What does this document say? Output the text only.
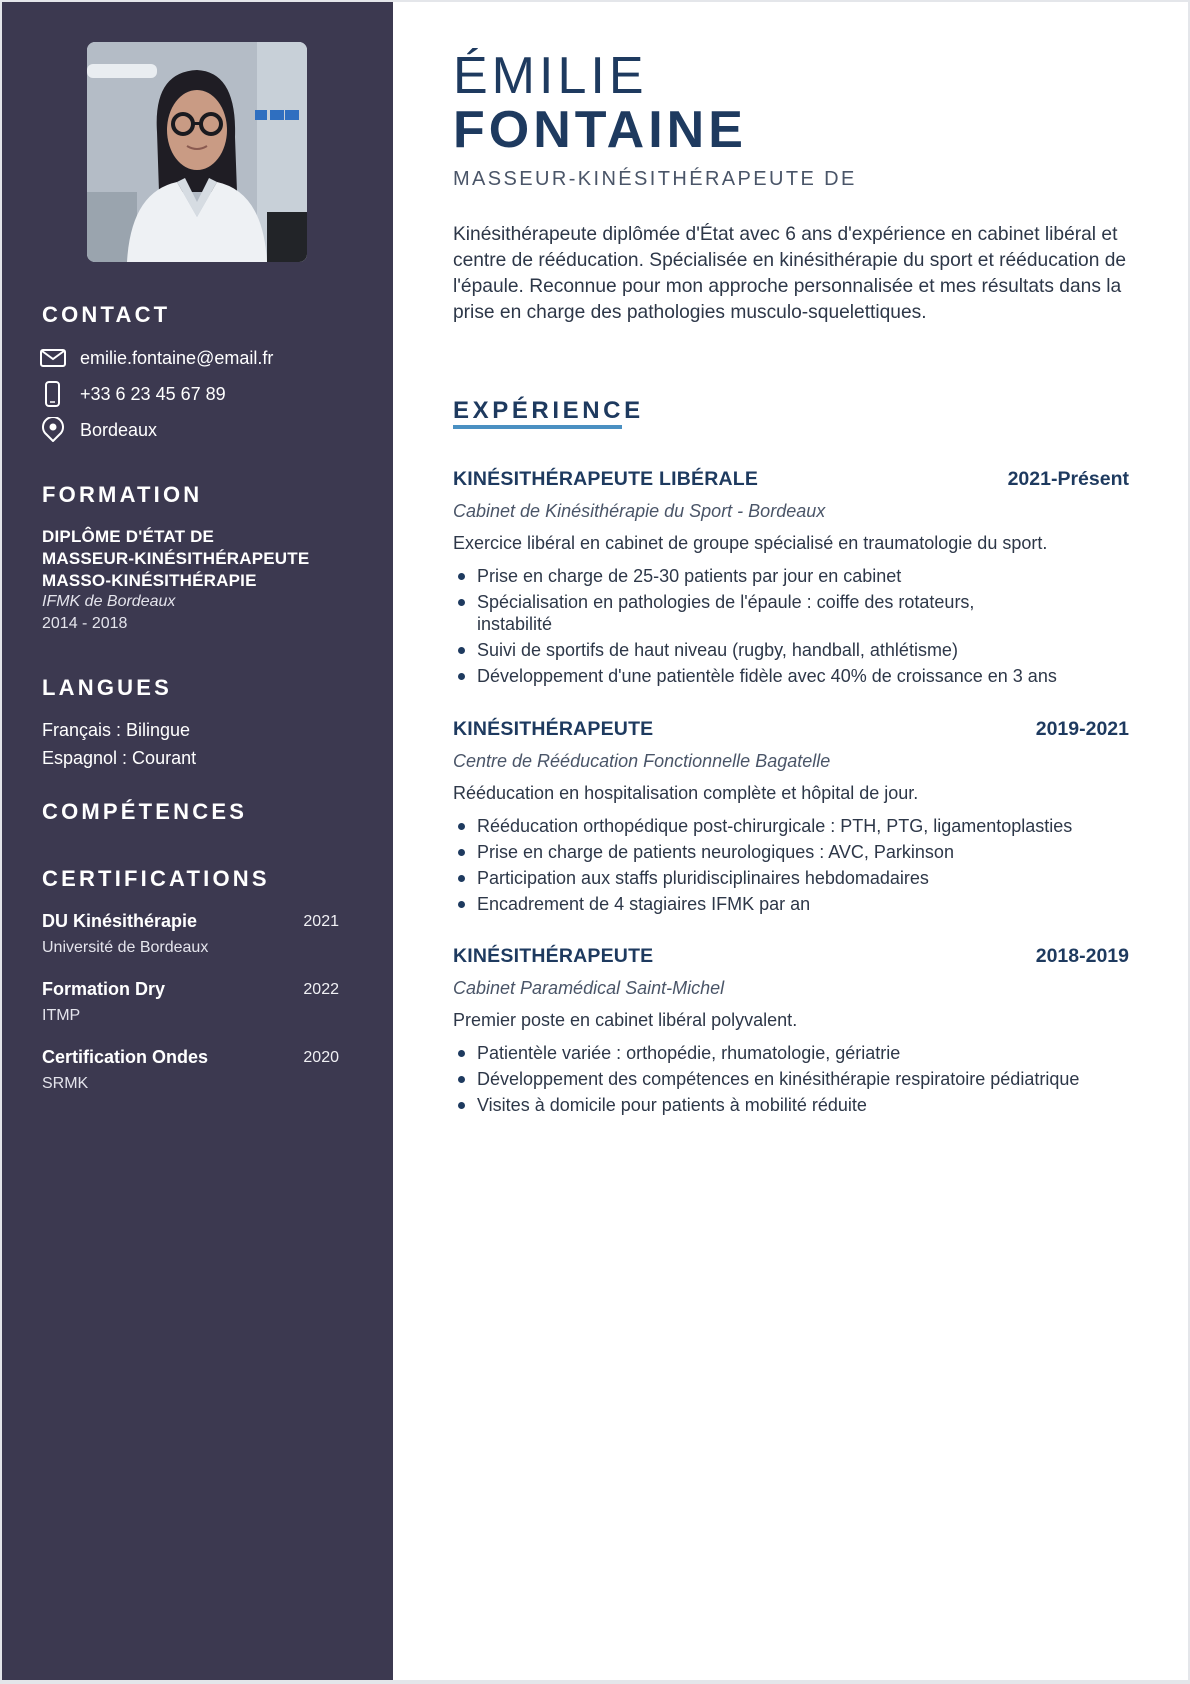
CONTACT
emilie.fontaine@email.fr
+33 6 23 45 67 89
Bordeaux
FORMATION
DIPLÔME D'ÉTAT DE
MASSEUR-KINÉSITHÉRAPEUTE
MASSO-KINÉSITHÉRAPIE
IFMK de Bordeaux
2014 - 2018
LANGUES
Français : Bilingue
Espagnol : Courant
COMPÉTENCES
CERTIFICATIONS
DU Kinésithérapie	2021
Université de Bordeaux
Formation Dry	2022
ITMP
Certification Ondes	2020
SRMK
ÉMILIE
FONTAINE
MASSEUR-KINÉSITHÉRAPEUTE DE

Kinésithérapeute diplômée d'État avec 6 ans d'expérience en cabinet libéral et centre de rééducation. Spécialisée en kinésithérapie du sport et rééducation de l'épaule. Reconnue pour mon approche personnalisée et mes résultats dans la prise en charge des pathologies musculo-squelettiques.

EXPÉRIENCE
KINÉSITHÉRAPEUTE LIBÉRALE	2021-Présent
Cabinet de Kinésithérapie du Sport - Bordeaux
Exercice libéral en cabinet de groupe spécialisé en traumatologie du sport.
Prise en charge de 25-30 patients par jour en cabinet
Spécialisation en pathologies de l'épaule : coiffe des rotateurs, instabilité
Suivi de sportifs de haut niveau (rugby, handball, athlétisme)
Développement d'une patientèle fidèle avec 40% de croissance en 3 ans
KINÉSITHÉRAPEUTE	2019-2021
Centre de Rééducation Fonctionnelle Bagatelle
Rééducation en hospitalisation complète et hôpital de jour.
Rééducation orthopédique post-chirurgicale : PTH, PTG, ligamentoplasties
Prise en charge de patients neurologiques : AVC, Parkinson
Participation aux staffs pluridisciplinaires hebdomadaires
Encadrement de 4 stagiaires IFMK par an
KINÉSITHÉRAPEUTE	2018-2019
Cabinet Paramédical Saint-Michel
Premier poste en cabinet libéral polyvalent.
Patientèle variée : orthopédie, rhumatologie, gériatrie
Développement des compétences en kinésithérapie respiratoire pédiatrique
Visites à domicile pour patients à mobilité réduite
